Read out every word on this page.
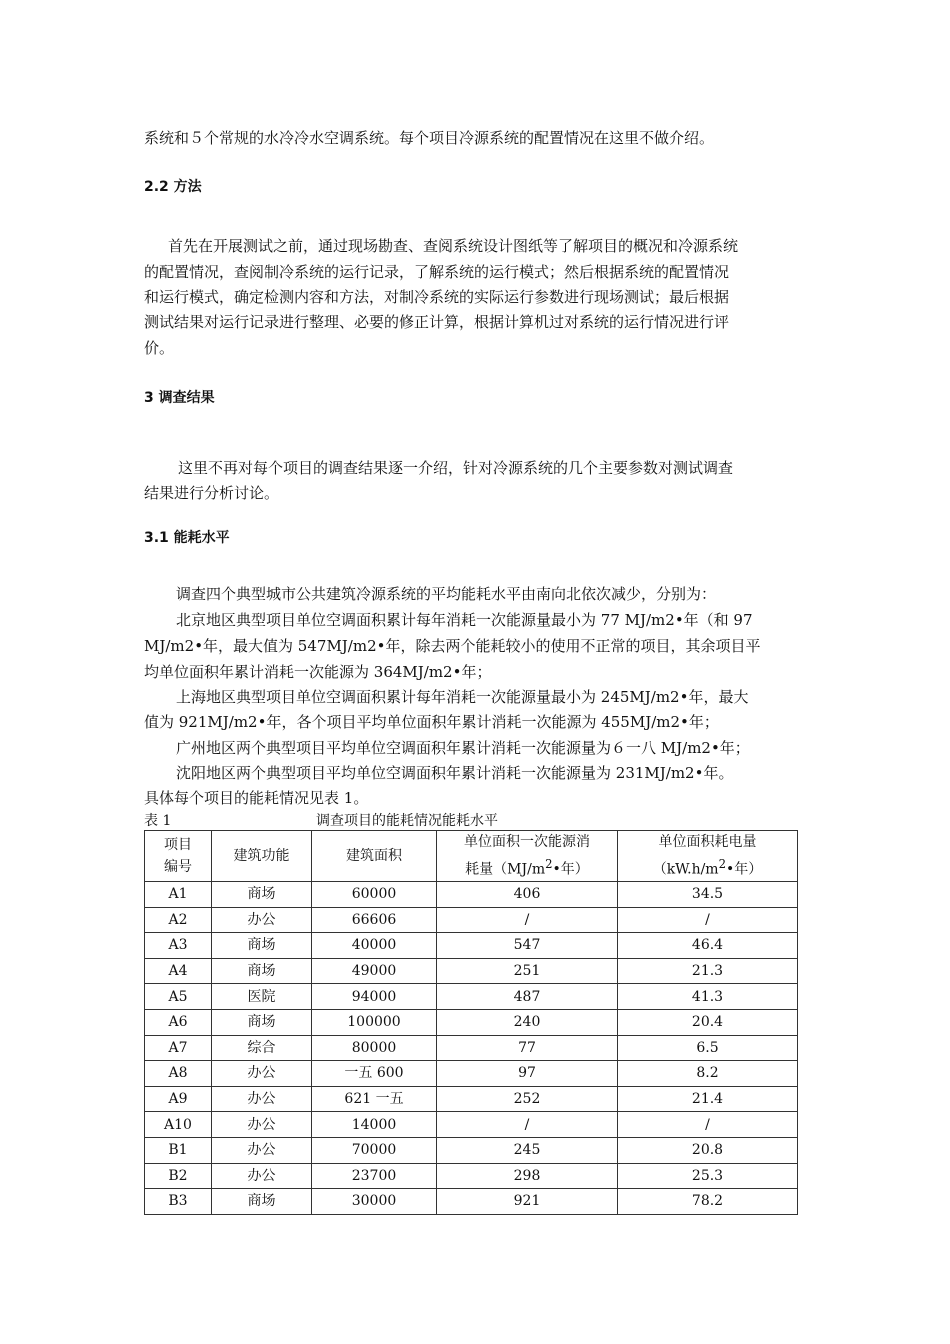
系统和５个常规的水冷冷水空调系统。每个项目冷源系统的配置情况在这里不做介绍。

2.2 方法

首先在开展测试之前，通过现场勘查、查阅系统设计图纸等了解项目的概况和冷源系统

的配置情况，查阅制冷系统的运行记录，了解系统的运行模式；然后根据系统的配置情况

和运行模式，确定检测内容和方法，对制冷系统的实际运行参数进行现场测试；最后根据

测试结果对运行记录进行整理、必要的修正计算，根据计算机过对系统的运行情况进行评

价。

3 调查结果

这里不再对每个项目的调查结果逐一介绍，针对冷源系统的几个主要参数对测试调查

结果进行分析讨论。

3.1 能耗水平

调查四个典型城市公共建筑冷源系统的平均能耗水平由南向北依次减少，分别为：

北京地区典型项目单位空调面积累计每年消耗一次能源量最小为 77 MJ/m2•年（和 97

MJ/m2•年，最大值为 547MJ/m2•年，除去两个能耗较小的使用不正常的项目，其余项目平

均单位面积年累计消耗一次能源为 364MJ/m2•年；

上海地区典型项目单位空调面积累计每年消耗一次能源量最小为 245MJ/m2•年，最大

值为 921MJ/m2•年，各个项目平均单位面积年累计消耗一次能源为 455MJ/m2•年；

广州地区两个典型项目平均单位空调面积年累计消耗一次能源量为６一八 MJ/m2•年；

沈阳地区两个典型项目平均单位空调面积年累计消耗一次能源量为 231MJ/m2•年。

具体每个项目的能耗情况见表 1。

表 1	调查项目的能耗情况能耗水平
项目
编号	建筑功能	建筑面积	单位面积一次能源消
耗量（$MJ/m^2•$年）	单位面积耗电量
（$kW.h/m^2•$年）
A1	商场	60000	406	34.5
A2	办公	66606	/	/
A3	商场	40000	547	46.4
A4	商场	49000	251	21.3
A5	医院	94000	487	41.3
A6	商场	100000	240	20.4
A7	综合	80000	77	6.5
A8	办公	一五 600	97	8.2
A9	办公	621 一五	252	21.4
A10	办公	14000	/	/
B1	办公	70000	245	20.8
B2	办公	23700	298	25.3
B3	商场	30000	921	78.2
